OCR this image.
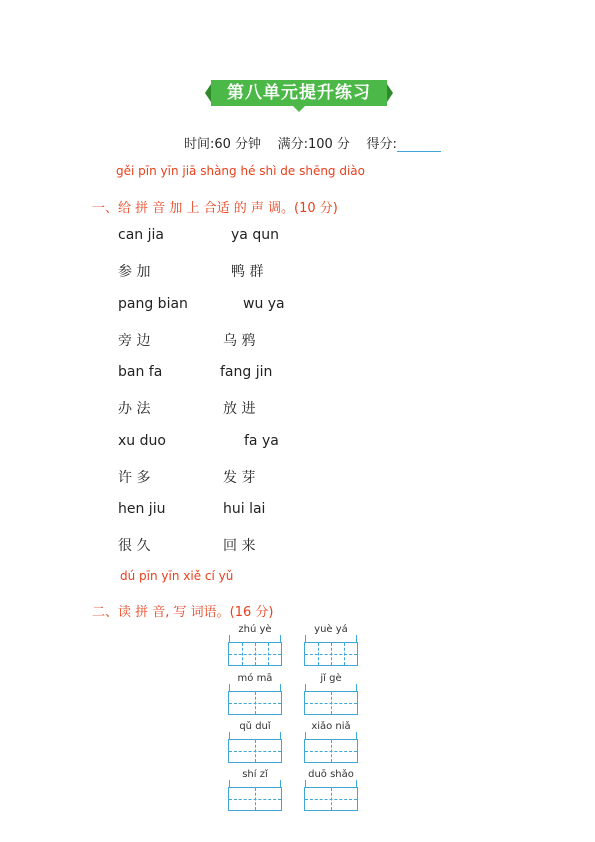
第八单元提升练习
时间:60 分钟 满分:100 分 得分:
gěi pīn yīn jiā shàng hé shì de shēng diào
一、给 拼 音 加 上 合适 的 声 调。(10 分)
can jia	ya qun
参 加	鸭 群
pang bian	wu ya
旁 边	乌 鸦
ban fa	fang jin
办 法	放 进
xu duo	fa ya
许 多	发 芽
hen jiu	hui lai
很 久	回 来
dú pīn yīn xiě cí yǔ
二、读 拼 音, 写 词语。(16 分)
zhú yè	yuè yá
mó mā	jǐ gè
qǔ duǐ	xiǎo niǎ
shí zǐ	duō shǎo
